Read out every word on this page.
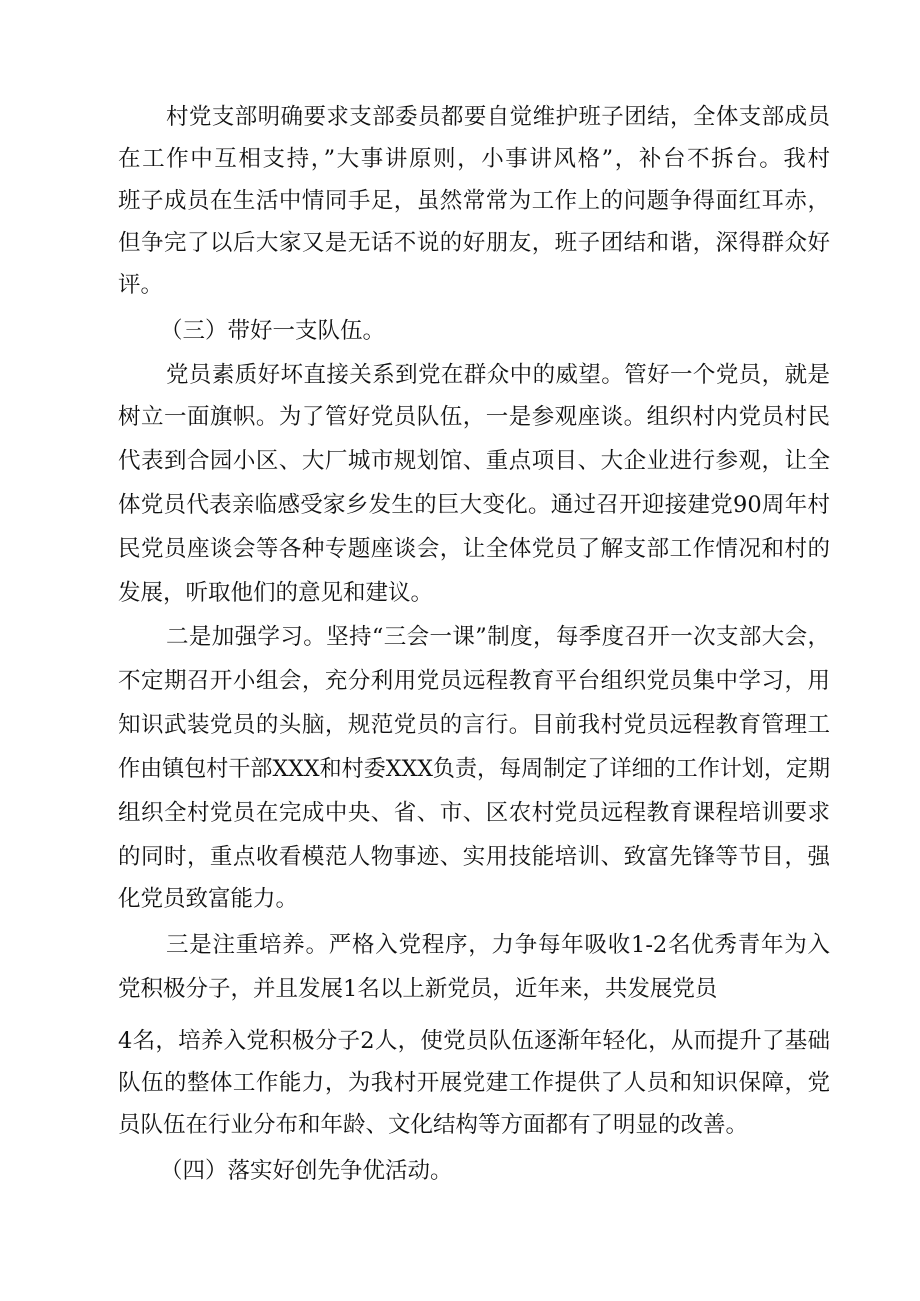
村党支部明确要求支部委员都要自觉维护班子团结，全体支部成员
在工作中互相支持，”大事讲原则，小事讲风格”，补台不拆台。我村
班子成员在生活中情同手足，虽然常常为工作上的问题争得面红耳赤，
但争完了以后大家又是无话不说的好朋友，班子团结和谐，深得群众好
评。
（三）带好一支队伍。
党员素质好坏直接关系到党在群众中的威望。管好一个党员，就是
树立一面旗帜。为了管好党员队伍，一是参观座谈。组织村内党员村民
代表到合园小区、大厂城市规划馆、重点项目、大企业进行参观，让全
体党员代表亲临感受家乡发生的巨大变化。通过召开迎接建党90周年村
民党员座谈会等各种专题座谈会，让全体党员了解支部工作情况和村的
发展，听取他们的意见和建议。
二是加强学习。坚持“三会一课”制度，每季度召开一次支部大会，
不定期召开小组会，充分利用党员远程教育平台组织党员集中学习，用
知识武装党员的头脑，规范党员的言行。目前我村党员远程教育管理工
作由镇包村干部XXX和村委XXX负责，每周制定了详细的工作计划，定期
组织全村党员在完成中央、省、市、区农村党员远程教育课程培训要求
的同时，重点收看模范人物事迹、实用技能培训、致富先锋等节目，强
化党员致富能力。
三是注重培养。严格入党程序，力争每年吸收1-2名优秀青年为入
党积极分子，并且发展1名以上新党员，近年来，共发展党员
4名，培养入党积极分子2人，使党员队伍逐渐年轻化，从而提升了基础
队伍的整体工作能力，为我村开展党建工作提供了人员和知识保障，党
员队伍在行业分布和年龄、文化结构等方面都有了明显的改善。
（四）落实好创先争优活动。
